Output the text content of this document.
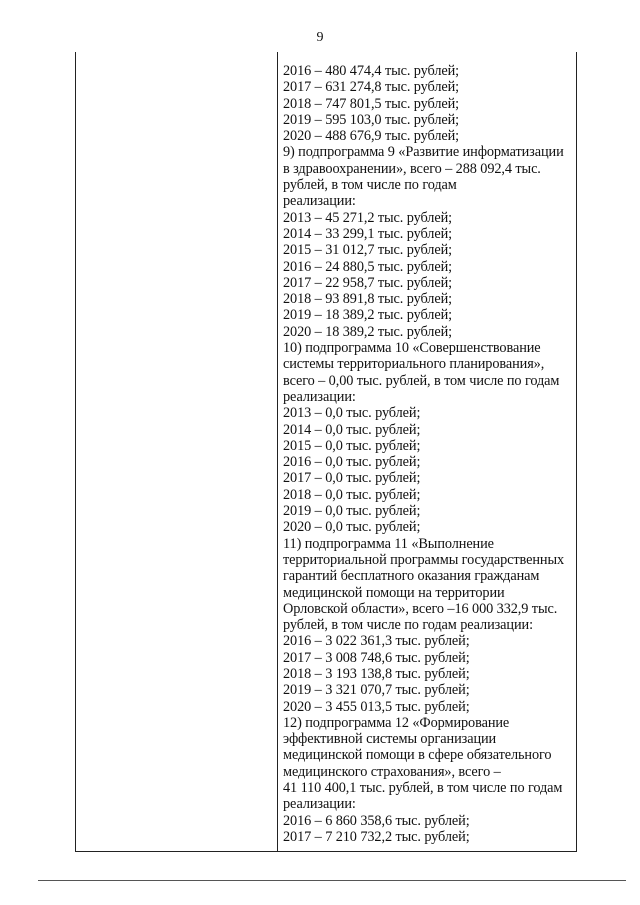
9
2016 – 480 474,4 тыс. рублей;
2017 – 631 274,8 тыс. рублей;
2018 – 747 801,5 тыс. рублей;
2019 – 595 103,0 тыс. рублей;
2020 – 488 676,9 тыс. рублей;
9) подпрограмма 9 «Развитие информатизации
в здравоохранении», всего – 288 092,4 тыс.
рублей, в том числе по годам
реализации:
2013 – 45 271,2 тыс. рублей;
2014 – 33 299,1 тыс. рублей;
2015 – 31 012,7 тыс. рублей;
2016 – 24 880,5 тыс. рублей;
2017 – 22 958,7 тыс. рублей;
2018 – 93 891,8 тыс. рублей;
2019 – 18 389,2 тыс. рублей;
2020 – 18 389,2 тыс. рублей;
10) подпрограмма 10 «Совершенствование
системы территориального планирования»,
всего – 0,00 тыс. рублей, в том числе по годам
реализации:
2013 – 0,0 тыс. рублей;
2014 – 0,0 тыс. рублей;
2015 – 0,0 тыс. рублей;
2016 – 0,0 тыс. рублей;
2017 – 0,0 тыс. рублей;
2018 – 0,0 тыс. рублей;
2019 – 0,0 тыс. рублей;
2020 – 0,0 тыс. рублей;
11) подпрограмма 11 «Выполнение
территориальной программы государственных
гарантий бесплатного оказания гражданам
медицинской помощи на территории
Орловской области», всего –16 000 332,9 тыс.
рублей, в том числе по годам реализации:
2016 – 3 022 361,3 тыс. рублей;
2017 – 3 008 748,6 тыс. рублей;
2018 – 3 193 138,8 тыс. рублей;
2019 – 3 321 070,7 тыс. рублей;
2020 – 3 455 013,5 тыс. рублей;
12) подпрограмма 12 «Формирование
эффективной системы организации
медицинской помощи в сфере обязательного
медицинского страхования», всего –
41 110 400,1 тыс. рублей, в том числе по годам
реализации:
2016 – 6 860 358,6 тыс. рублей;
2017 – 7 210 732,2 тыс. рублей;
